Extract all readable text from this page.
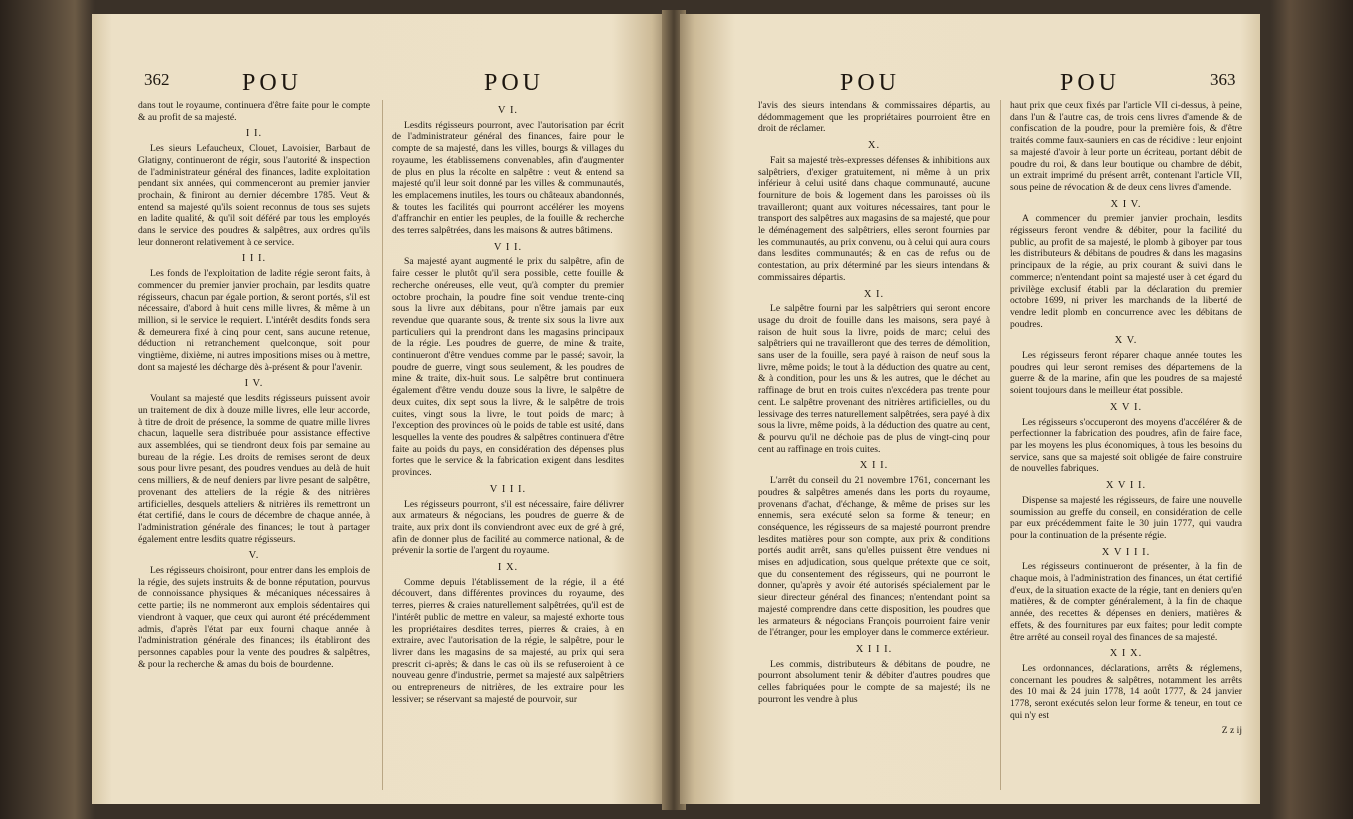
362	POU	POU

dans tout le royaume, continuera d'être faite pour le compte & au profit de sa majesté.

I I.

Les sieurs Lefaucheux, Clouet, Lavoisier, Barbaut de Glatigny, continueront de régir, sous l'autorité & inspection de l'administrateur général des finances, ladite exploitation pendant six années, qui commenceront au premier janvier prochain, & finiront au dernier décembre 1785. Veut & entend sa majesté qu'ils soient reconnus de tous ses sujets en ladite qualité, & qu'il soit déféré par tous les employés dans le service des poudres & salpêtres, aux ordres qu'ils leur donneront relativement à ce service.

I I I.

Les fonds de l'exploitation de ladite régie seront faits, à commencer du premier janvier prochain, par lesdits quatre régisseurs, chacun par égale portion, & seront portés, s'il est nécessaire, d'abord à huit cens mille livres, & même à un million, si le service le requiert. L'intérêt desdits fonds sera & demeurera fixé à cinq pour cent, sans aucune retenue, déduction ni retranchement quelconque, soit pour vingtième, dixième, ni autres impositions mises ou à mettre, dont sa majesté les décharge dès à-présent & pour l'avenir.

I V.

Voulant sa majesté que lesdits régisseurs puissent avoir un traitement de dix à douze mille livres, elle leur accorde, à titre de droit de présence, la somme de quatre mille livres chacun, laquelle sera distribuée pour assistance effective aux assemblées, qui se tiendront deux fois par semaine au bureau de la régie. Les droits de remises seront de deux sous pour livre pesant, des poudres vendues au delà de huit cens milliers, & de neuf deniers par livre pesant de salpêtre, provenant des atteliers de la régie & des nitrières artificielles, desquels atteliers & nitrières ils remettront un état certifié, dans le cours de décembre de chaque année, à l'administration générale des finances; le tout à partager également entre lesdits quatre régisseurs.

V.

Les régisseurs choisiront, pour entrer dans les emplois de la régie, des sujets instruits & de bonne réputation, pourvus de connoissance physiques & mécaniques nécessaires à cette partie; ils ne nommeront aux emplois sédentaires qui viendront à vaquer, que ceux qui auront été précédemment admis, d'après l'état par eux fourni chaque année à l'administration générale des finances; ils établiront des personnes capables pour la vente des poudres & salpêtres, & pour la recherche & amas du bois de bourdenne.

V I.

Lesdits régisseurs pourront, avec l'autorisation par écrit de l'administrateur général des finances, faire pour le compte de sa majesté, dans les villes, bourgs & villages du royaume, les établissemens convenables, afin d'augmenter de plus en plus la récolte en salpêtre : veut & entend sa majesté qu'il leur soit donné par les villes & communautés, les emplacemens inutiles, les tours ou châteaux abandonnés, & toutes les facilités qui pourront accélérer les moyens d'affranchir en entier les peuples, de la fouille & recherche des terres salpêtrées, dans les maisons & autres bâtimens.

V I I.

Sa majesté ayant augmenté le prix du salpêtre, afin de faire cesser le plutôt qu'il sera possible, cette fouille & recherche onéreuses, elle veut, qu'à compter du premier octobre prochain, la poudre fine soit vendue trente-cinq sous la livre aux débitans, pour n'être jamais par eux revendue que quarante sous, & trente six sous la livre aux particuliers qui la prendront dans les magasins principaux de la régie. Les poudres de guerre, de mine & traite, continueront d'être vendues comme par le passé; savoir, la poudre de guerre, vingt sous seulement, & les poudres de mine & traite, dix-huit sous. Le salpêtre brut continuera également d'être vendu douze sous la livre, le salpêtre de deux cuites, dix sept sous la livre, & le salpêtre de trois cuites, vingt sous la livre, le tout poids de marc; à l'exception des provinces où le poids de table est usité, dans lesquelles la vente des poudres & salpêtres continuera d'être faite au poids du pays, en considération des dépenses plus fortes que le service & la fabrication exigent dans lesdites provinces.

V I I I.

Les régisseurs pourront, s'il est nécessaire, faire délivrer aux armateurs & négocians, les poudres de guerre & de traite, aux prix dont ils conviendront avec eux de gré à gré, afin de donner plus de facilité au commerce national, & de prévenir la sortie de l'argent du royaume.

I X.

Comme depuis l'établissement de la régie, il a été découvert, dans différentes provinces du royaume, des terres, pierres & craies naturellement salpêtrées, qu'il est de l'intérêt public de mettre en valeur, sa majesté exhorte tous les propriétaires desdites terres, pierres & craies, à en extraire, avec l'autorisation de la régie, le salpêtre, pour le livrer dans les magasins de sa majesté, au prix qui sera prescrit ci-après; & dans le cas où ils se refuseroient à ce nouveau genre d'industrie, permet sa majesté aux salpêtriers ou entrepreneurs de nitrières, de les extraire pour les lessiver; se réservant sa majesté de pourvoir, sur

POU	POU	363

l'avis des sieurs intendans & commissaires départis, au dédommagement que les propriétaires pourroient être en droit de réclamer.

X.

Fait sa majesté très-expresses défenses & inhibitions aux salpêtriers, d'exiger gratuitement, ni même à un prix inférieur à celui usité dans chaque communauté, aucune fourniture de bois & logement dans les paroisses où ils travailleront; quant aux voitures nécessaires, tant pour le transport des salpêtres aux magasins de sa majesté, que pour le déménagement des salpêtriers, elles seront fournies par les communautés, au prix convenu, ou à celui qui aura cours dans lesdites communautés; & en cas de refus ou de contestation, au prix déterminé par les sieurs intendans & commissaires départis.

X I.

Le salpêtre fourni par les salpêtriers qui seront encore usage du droit de fouille dans les maisons, sera payé à raison de huit sous la livre, poids de marc; celui des salpêtriers qui ne travailleront que des terres de démolition, sans user de la fouille, sera payé à raison de neuf sous la livre, même poids; le tout à la déduction des quatre au cent, & à condition, pour les uns & les autres, que le déchet au raffinage de brut en trois cuites n'excédera pas trente pour cent. Le salpêtre provenant des nitrières artificielles, ou du lessivage des terres naturellement salpêtrées, sera payé à dix sous la livre, même poids, à la déduction des quatre au cent, & pourvu qu'il ne déchoie pas de plus de vingt-cinq pour cent au raffinage en trois cuites.

X I I.

L'arrêt du conseil du 21 novembre 1761, concernant les poudres & salpêtres amenés dans les ports du royaume, provenans d'achat, d'échange, & même de prises sur les ennemis, sera exécuté selon sa forme & teneur; en conséquence, les régisseurs de sa majesté pourront prendre lesdites matières pour son compte, aux prix & conditions portés audit arrêt, sans qu'elles puissent être vendues ni mises en adjudication, sous quelque prétexte que ce soit, que du consentement des régisseurs, qui ne pourront le donner, qu'après y avoir été autorisés spécialement par le sieur directeur général des finances; n'entendant point sa majesté comprendre dans cette disposition, les poudres que les armateurs & négocians François pourroient faire venir de l'étranger, pour les employer dans le commerce extérieur.

X I I I.

Les commis, distributeurs & débitans de poudre, ne pourront absolument tenir & débiter d'autres poudres que celles fabriquées pour le compte de sa majesté; ils ne pourront les vendre à plus

haut prix que ceux fixés par l'article VII ci-dessus, à peine, dans l'un & l'autre cas, de trois cens livres d'amende & de confiscation de la poudre, pour la première fois, & d'être traités comme faux-sauniers en cas de récidive : leur enjoint sa majesté d'avoir à leur porte un écriteau, portant débit de poudre du roi, & dans leur boutique ou chambre de débit, un extrait imprimé du présent arrêt, contenant l'article VII, sous peine de révocation & de deux cens livres d'amende.

X I V.

A commencer du premier janvier prochain, lesdits régisseurs feront vendre & débiter, pour la facilité du public, au profit de sa majesté, le plomb à giboyer par tous les distributeurs & débitans de poudres & dans les magasins principaux de la régie, au prix courant & suivi dans le commerce; n'entendant point sa majesté user à cet égard du privilège exclusif établi par la déclaration du premier octobre 1699, ni priver les marchands de la liberté de vendre ledit plomb en concurrence avec les débitans de poudres.

X V.

Les régisseurs feront réparer chaque année toutes les poudres qui leur seront remises des départemens de la guerre & de la marine, afin que les poudres de sa majesté soient toujours dans le meilleur état possible.

X V I.

Les régisseurs s'occuperont des moyens d'accélérer & de perfectionner la fabrication des poudres, afin de faire face, par les moyens les plus économiques, à tous les besoins du service, sans que sa majesté soit obligée de faire construire de nouvelles fabriques.

X V I I.

Dispense sa majesté les régisseurs, de faire une nouvelle soumission au greffe du conseil, en considération de celle par eux précédemment faite le 30 juin 1777, qui vaudra pour la continuation de la présente régie.

X V I I I.

Les régisseurs continueront de présenter, à la fin de chaque mois, à l'administration des finances, un état certifié d'eux, de la situation exacte de la régie, tant en deniers qu'en matières, & de compter généralement, à la fin de chaque année, des recettes & dépenses en deniers, matières & effets, & des fournitures par eux faites; pour ledit compte être arrêté au conseil royal des finances de sa majesté.

X I X.

Les ordonnances, déclarations, arrêts & réglemens, concernant les poudres & salpêtres, notamment les arrêts des 10 mai & 24 juin 1778, 14 août 1777, & 24 janvier 1778, seront exécutés selon leur forme & teneur, en tout ce qui n'y est

Z z ij
